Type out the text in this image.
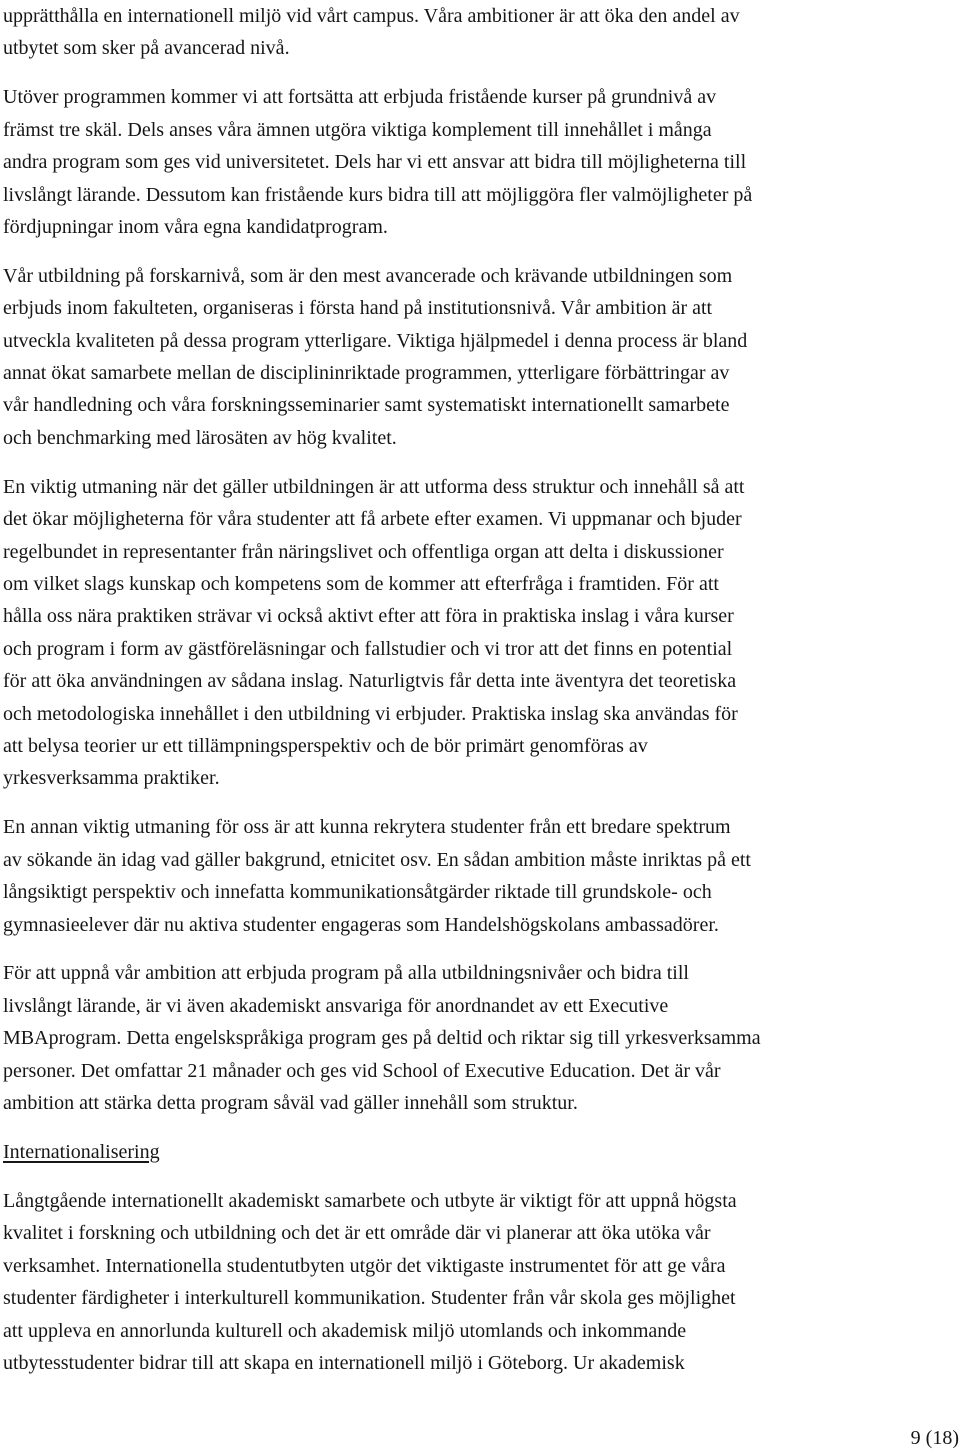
upprätthålla en internationell miljö vid vårt campus. Våra ambitioner är att öka den andel av
utbytet som sker på avancerad nivå.

Utöver programmen kommer vi att fortsätta att erbjuda fristående kurser på grundnivå av
främst tre skäl. Dels anses våra ämnen utgöra viktiga komplement till innehållet i många
andra program som ges vid universitetet. Dels har vi ett ansvar att bidra till möjligheterna till
livslångt lärande. Dessutom kan fristående kurs bidra till att möjliggöra fler valmöjligheter på
fördjupningar inom våra egna kandidatprogram.

Vår utbildning på forskarnivå, som är den mest avancerade och krävande utbildningen som
erbjuds inom fakulteten, organiseras i första hand på institutionsnivå. Vår ambition är att
utveckla kvaliteten på dessa program ytterligare. Viktiga hjälpmedel i denna process är bland
annat ökat samarbete mellan de disciplininriktade programmen, ytterligare förbättringar av
vår handledning och våra forskningsseminarier samt systematiskt internationellt samarbete
och benchmarking med lärosäten av hög kvalitet.

En viktig utmaning när det gäller utbildningen är att utforma dess struktur och innehåll så att
det ökar möjligheterna för våra studenter att få arbete efter examen. Vi uppmanar och bjuder
regelbundet in representanter från näringslivet och offentliga organ att delta i diskussioner
om vilket slags kunskap och kompetens som de kommer att efterfråga i framtiden. För att
hålla oss nära praktiken strävar vi också aktivt efter att föra in praktiska inslag i våra kurser
och program i form av gästföreläsningar och fallstudier och vi tror att det finns en potential
för att öka användningen av sådana inslag. Naturligtvis får detta inte äventyra det teoretiska
och metodologiska innehållet i den utbildning vi erbjuder. Praktiska inslag ska användas för
att belysa teorier ur ett tillämpningsperspektiv och de bör primärt genomföras av
yrkesverksamma praktiker.

En annan viktig utmaning för oss är att kunna rekrytera studenter från ett bredare spektrum
av sökande än idag vad gäller bakgrund, etnicitet osv. En sådan ambition måste inriktas på ett
långsiktigt perspektiv och innefatta kommunikationsåtgärder riktade till grundskole- och
gymnasieelever där nu aktiva studenter engageras som Handelshögskolans ambassadörer.

För att uppnå vår ambition att erbjuda program på alla utbildningsnivåer och bidra till
livslångt lärande, är vi även akademiskt ansvariga för anordnandet av ett Executive
MBAprogram. Detta engelskspråkiga program ges på deltid och riktar sig till yrkesverksamma
personer. Det omfattar 21 månader och ges vid School of Executive Education. Det är vår
ambition att stärka detta program såväl vad gäller innehåll som struktur.

Internationalisering

Långtgående internationellt akademiskt samarbete och utbyte är viktigt för att uppnå högsta
kvalitet i forskning och utbildning och det är ett område där vi planerar att öka utöka vår
verksamhet. Internationella studentutbyten utgör det viktigaste instrumentet för att ge våra
studenter färdigheter i interkulturell kommunikation. Studenter från vår skola ges möjlighet
att uppleva en annorlunda kulturell och akademisk miljö utomlands och inkommande
utbytesstudenter bidrar till att skapa en internationell miljö i Göteborg. Ur akademisk

9 (18)
